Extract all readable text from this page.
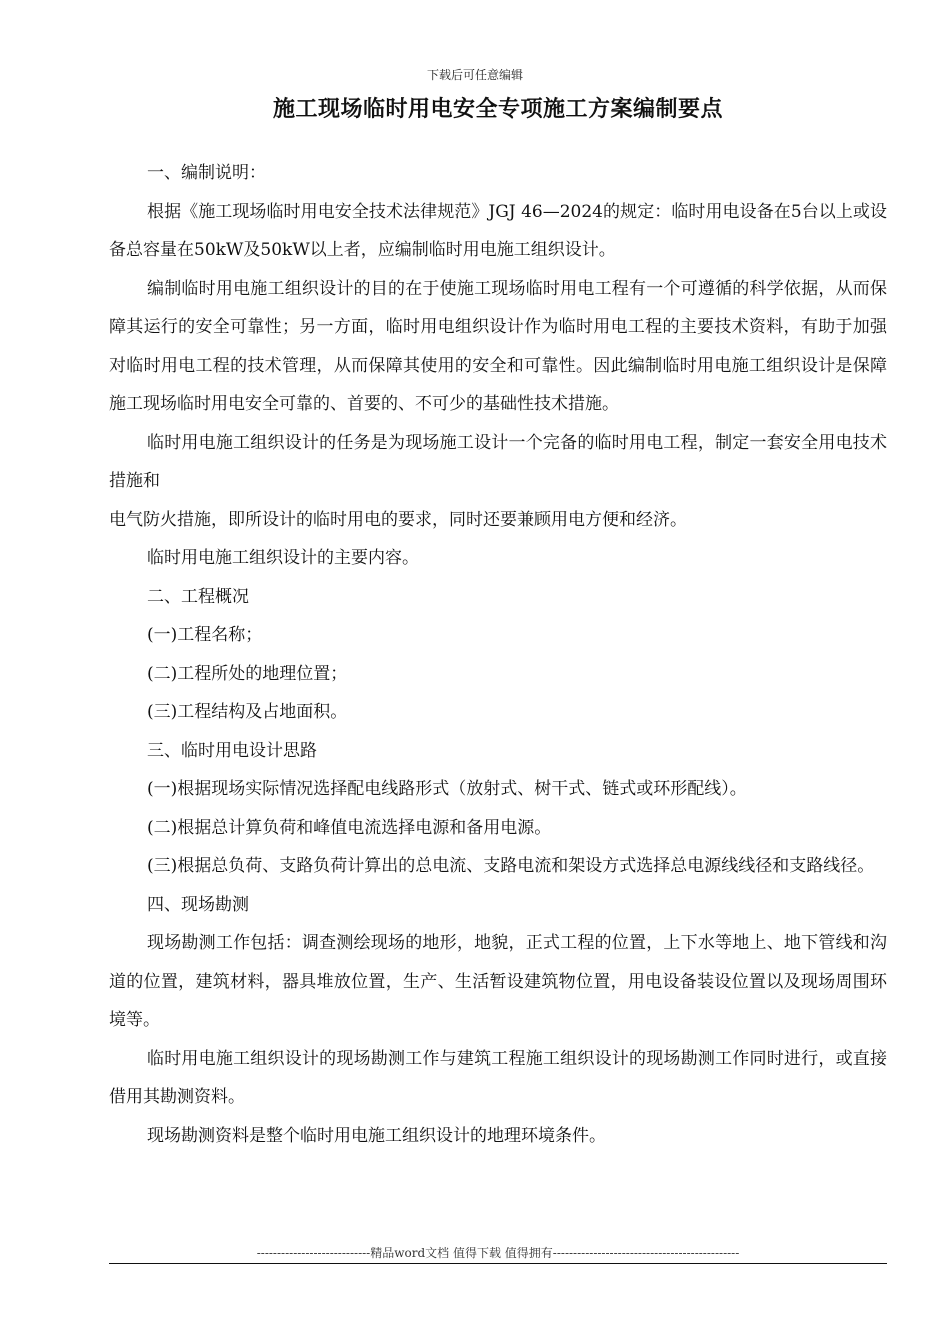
下载后可任意编辑
施工现场临时用电安全专项施工方案编制要点

一、编制说明：

根据《施工现场临时用电安全技术法律规范》JGJ 46—2024的规定：临时用电设备在5台以上或设备总容量在50kW及50kW以上者，应编制临时用电施工组织设计。

编制临时用电施工组织设计的目的在于使施工现场临时用电工程有一个可遵循的科学依据，从而保障其运行的安全可靠性；另一方面，临时用电组织设计作为临时用电工程的主要技术资料，有助于加强对临时用电工程的技术管理，从而保障其使用的安全和可靠性。因此编制临时用电施工组织设计是保障施工现场临时用电安全可靠的、首要的、不可少的基础性技术措施。

临时用电施工组织设计的任务是为现场施工设计一个完备的临时用电工程，制定一套安全用电技术措施和

电气防火措施，即所设计的临时用电的要求，同时还要兼顾用电方便和经济。

临时用电施工组织设计的主要内容。

二、工程概况

(一)工程名称；

(二)工程所处的地理位置；

(三)工程结构及占地面积。

三、临时用电设计思路

(一)根据现场实际情况选择配电线路形式（放射式、树干式、链式或环形配线）。

(二)根据总计算负荷和峰值电流选择电源和备用电源。

(三)根据总负荷、支路负荷计算出的总电流、支路电流和架设方式选择总电源线线径和支路线径。

四、现场勘测

现场勘测工作包括：调查测绘现场的地形，地貌，正式工程的位置，上下水等地上、地下管线和沟道的位置，建筑材料，器具堆放位置，生产、生活暂设建筑物位置，用电设备装设位置以及现场周围环境等。

临时用电施工组织设计的现场勘测工作与建筑工程施工组织设计的现场勘测工作同时进行，或直接借用其勘测资料。

现场勘测资料是整个临时用电施工组织设计的地理环境条件。

----------------------------精品word文档 值得下载 值得拥有----------------------------------------------
